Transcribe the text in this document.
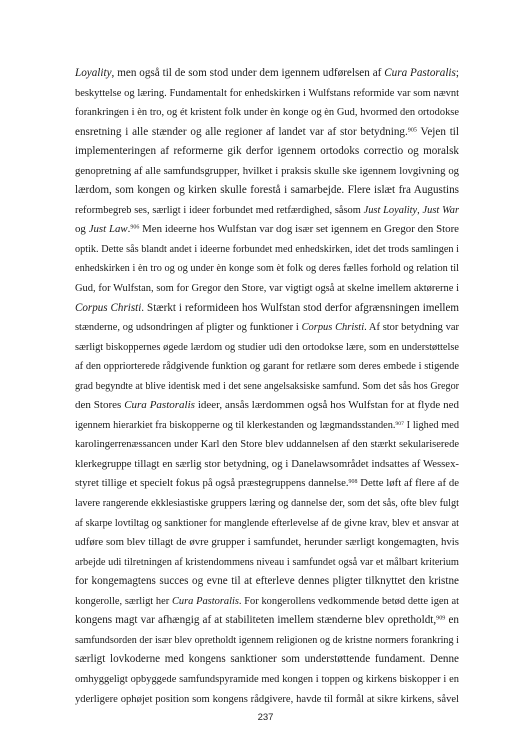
Loyality, men også til de som stod under dem igennem udførelsen af Cura Pastoralis;
beskyttelse og læring. Fundamentalt for enhedskirken i Wulfstans reformide var som nævnt
forankringen i èn tro, og ét kristent folk under èn konge og èn Gud, hvormed den ortodokse
ensretning i alle stænder og alle regioner af landet var af stor betydning.$^{905}$ Vejen til
implementeringen af reformerne gik derfor igennem ortodoks correctio og moralsk
genopretning af alle samfundsgrupper, hvilket i praksis skulle ske igennem lovgivning og
lærdom, som kongen og kirken skulle forestå i samarbejde. Flere islæt fra Augustins
reformbegreb ses, særligt i ideer forbundet med retfærdighed, såsom Just Loyality, Just War
og Just Law.$^{906}$ Men ideerne hos Wulfstan var dog især set igennem en Gregor den Store
optik. Dette sås blandt andet i ideerne forbundet med enhedskirken, idet det trods samlingen i
enhedskirken i èn tro og og under èn konge som èt folk og deres fælles forhold og relation til
Gud, for Wulfstan, som for Gregor den Store, var vigtigt også at skelne imellem aktørerne i
Corpus Christi. Stærkt i reformideen hos Wulfstan stod derfor afgrænsningen imellem
stænderne, og udsondringen af pligter og funktioner i Corpus Christi. Af stor betydning var
særligt biskoppernes øgede lærdom og studier udi den ortodokse lære, som en understøttelse
af den oppriorterede rådgivende funktion og garant for retlære som deres embede i stigende
grad begyndte at blive identisk med i det sene angelsaksiske samfund. Som det sås hos Gregor
den Stores Cura Pastoralis ideer, ansås lærdommen også hos Wulfstan for at flyde ned
igennem hierarkiet fra biskopperne og til klerkestanden og lægmandsstanden.$^{907}$ I lighed med
karolingerrenæssancen under Karl den Store blev uddannelsen af den stærkt sekulariserede
klerkegruppe tillagt en særlig stor betydning, og i Danelawsområdet indsattes af Wessex-
styret tillige et specielt fokus på også præstegruppens dannelse.$^{908}$ Dette løft af flere af de
lavere rangerende ekklesiastiske gruppers læring og dannelse der, som det sås, ofte blev fulgt
af skarpe lovtiltag og sanktioner for manglende efterlevelse af de givne krav, blev et ansvar at
udføre som blev tillagt de øvre grupper i samfundet, herunder særligt kongemagten, hvis
arbejde udi tilretningen af kristendommens niveau i samfundet også var et målbart kriterium
for kongemagtens succes og evne til at efterleve dennes pligter tilknyttet den kristne
kongerolle, særligt her Cura Pastoralis. For kongerollens vedkommende betød dette igen at
kongens magt var afhængig af at stabiliteten imellem stænderne blev opretholdt,$^{909}$ en
samfundsorden der især blev opretholdt igennem religionen og de kristne normers forankring i
særligt lovkoderne med kongens sanktioner som understøttende fundament. Denne
omhyggeligt opbyggede samfundspyramide med kongen i toppen og kirkens biskopper i en
yderligere ophøjet position som kongens rådgivere, havde til formål at sikre kirkens, såvel
237
